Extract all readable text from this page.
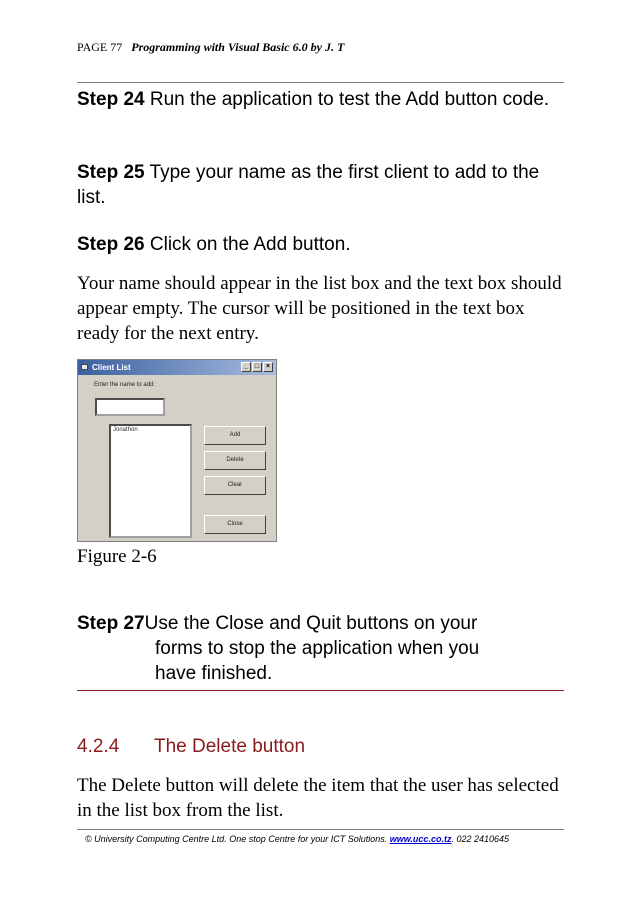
PAGE 77 Programming with Visual Basic 6.0 by J. T
Step 24 Run the application to test the Add button code.
Step 25 Type your name as the first client to add to the list.
Step 26 Click on the Add button.
Your name should appear in the list box and the text box should appear empty. The cursor will be positioned in the text box ready for the next entry.
Client List	_ □ ×
Enter the name to add:
Jonathon
Add
Delete
Clear
Close
Figure 2-6
Step 27Use the Close and Quit buttons on your
forms to stop the application when you
have finished.
4.2.4 The Delete button
The Delete button will delete the item that the user has selected in the list box from the list.
© University Computing Centre Ltd. One stop Centre for your ICT Solutions. www.ucc.co.tz. 022 2410645
